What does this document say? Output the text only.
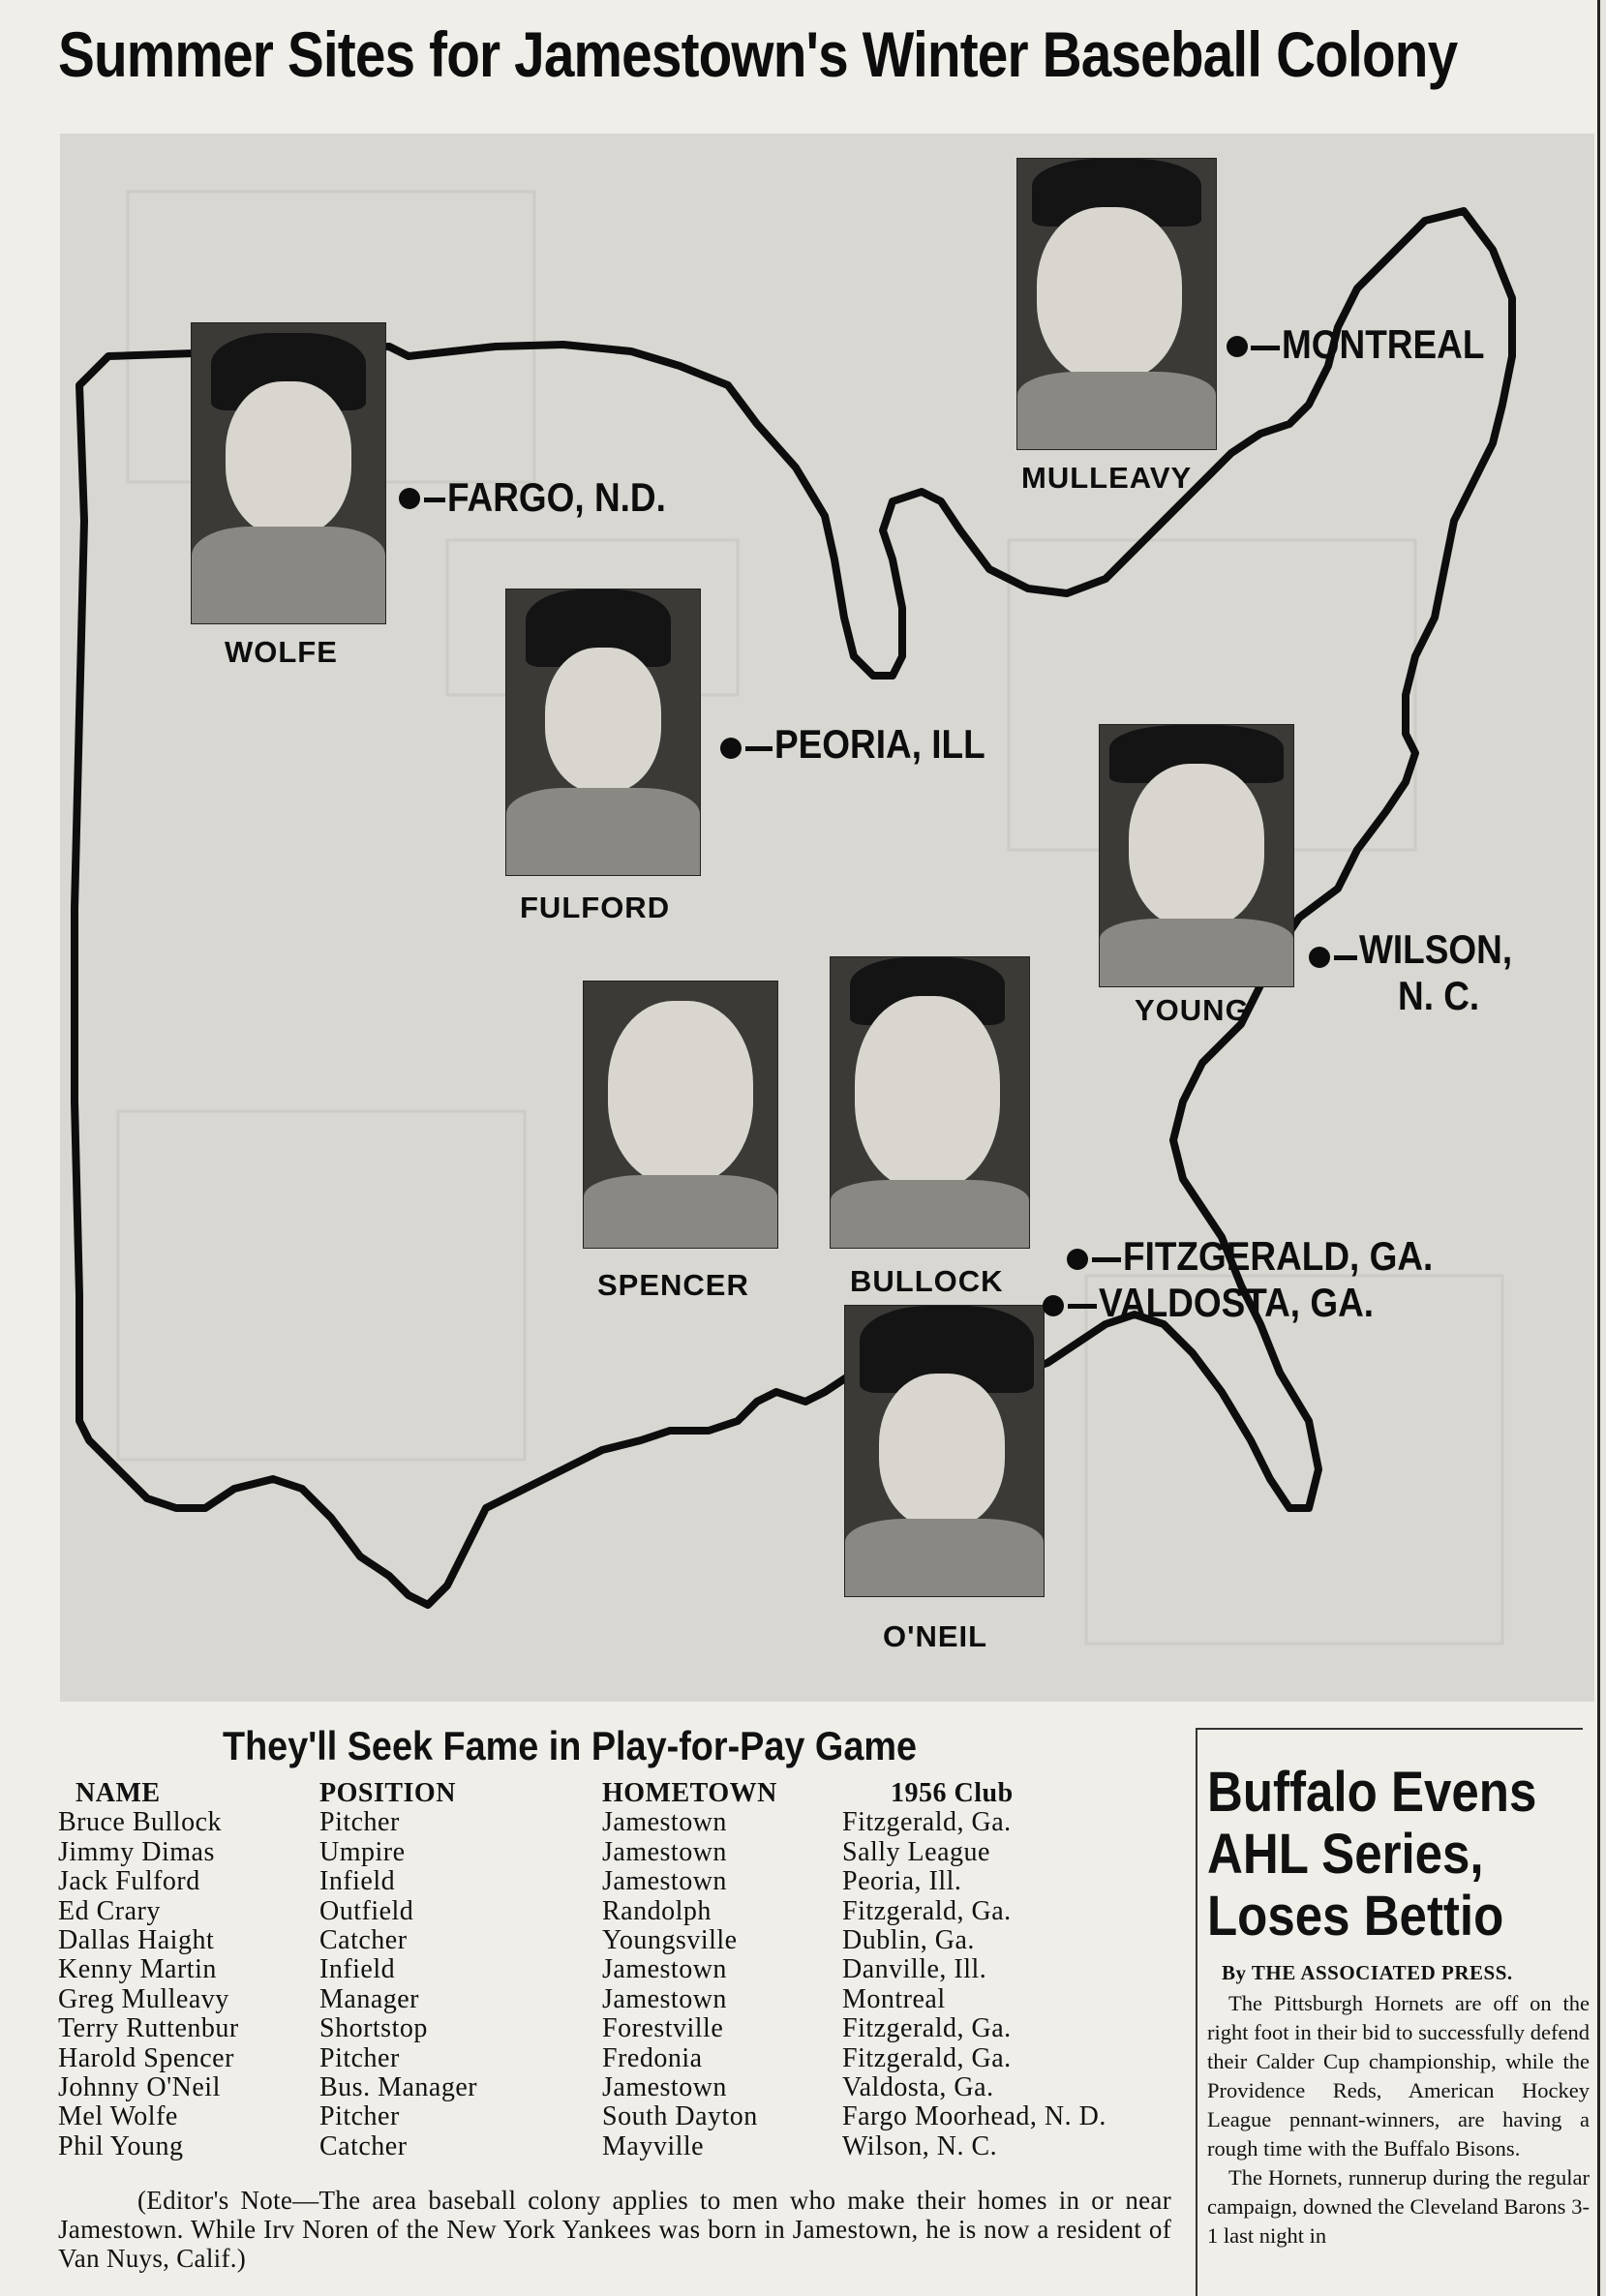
Summer Sites for Jamestown's Winter Baseball Colony
WOLFE
MULLEAVY
FULFORD
YOUNG
SPENCER	BULLOCK
O'NEIL
FARGO, N.D.
MONTREAL
PEORIA, ILL
WILSON,
N. C.
FITZGERALD, GA.
VALDOSTA, GA.
They'll Seek Fame in Play-for-Pay Game
NAME
Bruce Bullock
Jimmy Dimas
Jack Fulford
Ed Crary
Dallas Haight
Kenny Martin
Greg Mulleavy
Terry Ruttenbur
Harold Spencer
Johnny O'Neil
Mel Wolfe
Phil Young
POSITION
Pitcher
Umpire
Infield
Outfield
Catcher
Infield
Manager
Shortstop
Pitcher
Bus. Manager
Pitcher
Catcher
HOMETOWN
Jamestown
Jamestown
Jamestown
Randolph
Youngsville
Jamestown
Jamestown
Forestville
Fredonia
Jamestown
South Dayton
Mayville
1956 Club
Fitzgerald, Ga.
Sally League
Peoria, Ill.
Fitzgerald, Ga.
Dublin, Ga.
Danville, Ill.
Montreal
Fitzgerald, Ga.
Fitzgerald, Ga.
Valdosta, Ga.
Fargo Moorhead, N. D.
Wilson, N. C.
(Editor's Note—The area baseball colony applies to men who make their homes in or near Jamestown. While Irv Noren of the New York Yankees was born in Jamestown, he is now a resident of Van Nuys, Calif.)
Buffalo Evens AHL Series, Loses Bettio
By THE ASSOCIATED PRESS.

The Pittsburgh Hornets are off on the right foot in their bid to successfully defend their Calder Cup championship, while the Providence Reds, American Hockey League pennant-winners, are having a rough time with the Buffalo Bisons.

The Hornets, runnerup during the regular campaign, downed the Cleveland Barons 3-1 last night in
